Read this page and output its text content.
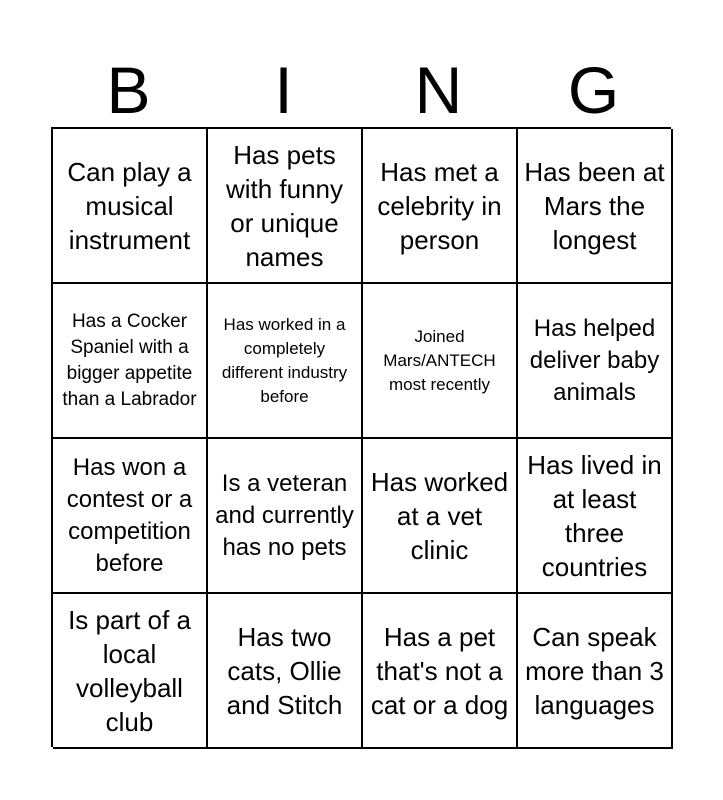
B	I	N	G
Can play a musical instrument
Has pets with funny or unique names
Has met a celebrity in person
Has been at Mars the longest
Has a Cocker Spaniel with a bigger appetite than a Labrador
Has worked in a completely different industry before
Joined Mars/ANTECH most recently
Has helped deliver baby animals
Has won a contest or a competition before
Is a veteran and currently has no pets
Has worked at a vet clinic
Has lived in at least three countries
Is part of a local volleyball club
Has two cats, Ollie and Stitch
Has a pet that's not a cat or a dog
Can speak more than 3 languages
